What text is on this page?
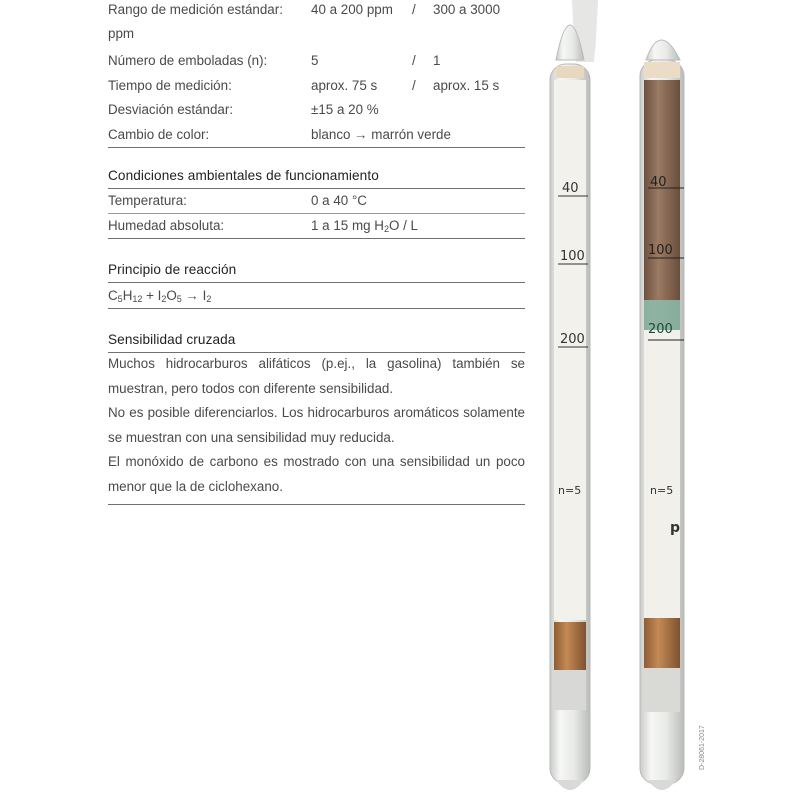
Rango de medición estándar: 40 a 200 ppm / 300 a 3000
ppm
Número de emboladas (n):	5	/ 1
Tiempo de medición:	aprox. 75 s	/ aprox. 15 s
Desviación estándar:	±15 a 20 %
Cambio de color:	blanco → marrón verde
Condiciones ambientales de funcionamiento
Temperatura:	0 a 40 °C
Humedad absoluta:	1 a 15 mg $H_2O$ / L
Principio de reacción
$C_5H_{12} + I_2O_5 \to I_2$
Sensibilidad cruzada
Muchos hidrocarburos alifáticos (p.ej., la gasolina) también se muestran, pero todos con diferente sensibilidad.
No es posible diferenciarlos. Los hidrocarburos aromáticos solamente se muestran con una sensibilidad muy reducida.
El monóxido de carbono es mostrado con una sensibilidad un poco menor que la de ciclohexano.
40
100
200
n=5
40
100
200
n=5
p
D-28061-2017
